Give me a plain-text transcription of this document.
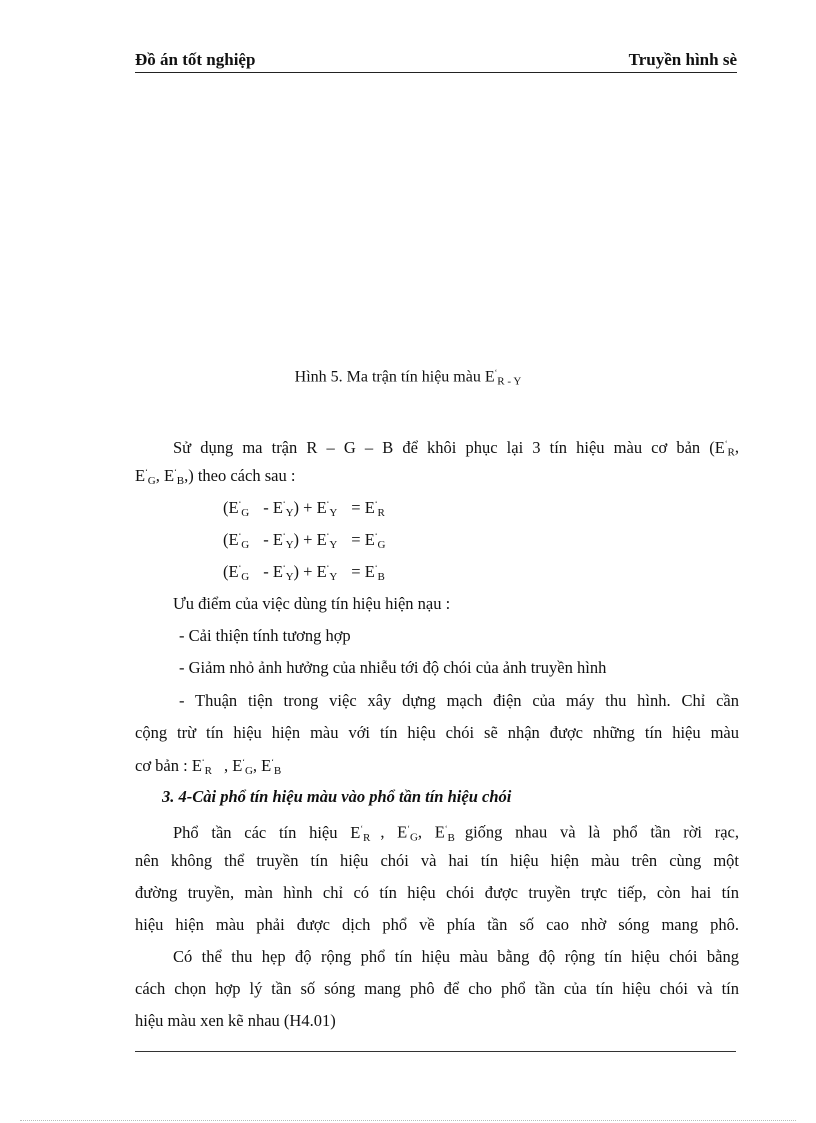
Đồ án tốt nghiệp	Truyền hình sè
Hình 5. Ma trận tín hiệu màu $E^‘_{R - Y}$
Sử dụng ma trận R – G – B để khôi phục lại 3 tín hiệu màu cơ bản ($E^‘_R$,
$E^‘_G$, $E^‘_B$,) theo cách sau :
$(E^‘_G - E^‘_Y) + E^‘_Y = E^‘_R$
$(E^‘_G - E^‘_Y) + E^‘_Y = E^‘_G$
$(E^‘_G - E^‘_Y) + E^‘_Y = E^‘_B$
Ưu điểm của việc dùng tín hiệu hiện nạu :
- Cải thiện tính tương hợp
- Giảm nhỏ ảnh hưởng của nhiễu tới độ chói của ảnh truyền hình
- Thuận tiện trong việc xây dựng mạch điện của máy thu hình. Chỉ cần
cộng trừ tín hiệu hiện màu với tín hiệu chói sẽ nhận được những tín hiệu màu
cơ bản : $E^‘_R$ , $E^‘_G$, $E^‘_B$
3. 4-Cài phổ tín hiệu màu vào phổ tần tín hiệu chói
Phổ tần các tín hiệu $E^‘_R$ , $E^‘_G$, $E^‘_B$ giống nhau và là phổ tần rời rạc,
nên không thể truyền tín hiệu chói và hai tín hiệu hiện màu trên cùng một
đường truyền, màn hình chỉ có tín hiệu chói được truyền trực tiếp, còn hai tín
hiệu hiện màu phải được dịch phổ về phía tần số cao nhờ sóng mang phô.
Có thể thu hẹp độ rộng phổ tín hiệu màu bằng độ rộng tín hiệu chói bằng
cách chọn hợp lý tần số sóng mang phô để cho phổ tần của tín hiệu chói và tín
hiệu màu xen kẽ nhau (H4.01)
